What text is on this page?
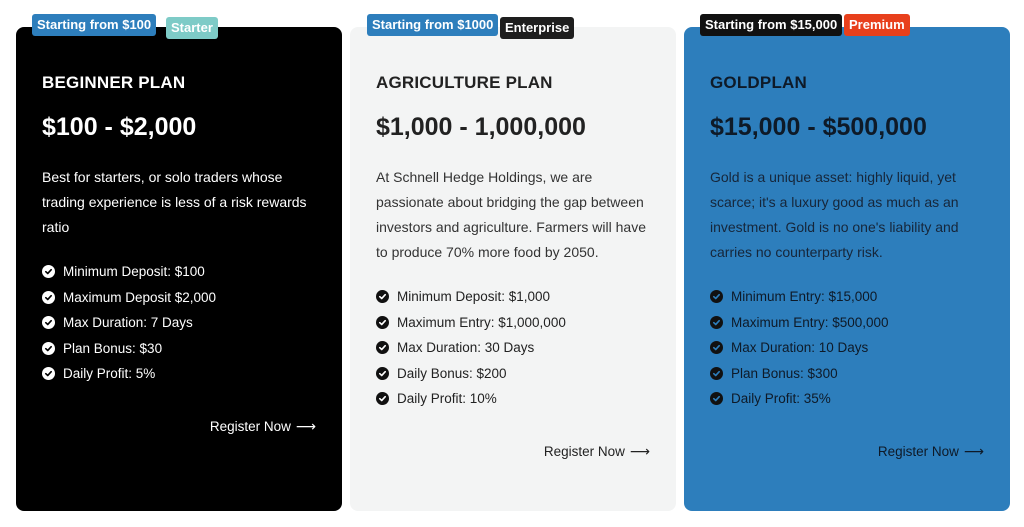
Starting from $100	Starter
BEGINNER PLAN
$100 - $2,000
Best for starters, or solo traders whose trading experience is less of a risk rewards ratio
Minimum Deposit: $100
Maximum Deposit $2,000
Max Duration: 7 Days
Plan Bonus: $30
Daily Profit: 5%
Register Now ⟶
Starting from $1000 Enterprise
AGRICULTURE PLAN
$1,000 - 1,000,000
At Schnell Hedge Holdings, we are passionate about bridging the gap between investors and agriculture. Farmers will have to produce 70% more food by 2050.
Minimum Deposit: $1,000
Maximum Entry: $1,000,000
Max Duration: 30 Days
Daily Bonus: $200
Daily Profit: 10%
Register Now ⟶
Starting from $15,000 Premium
GOLDPLAN
$15,000 - $500,000
Gold is a unique asset: highly liquid, yet scarce; it's a luxury good as much as an investment. Gold is no one's liability and carries no counterparty risk.
Minimum Entry: $15,000
Maximum Entry: $500,000
Max Duration: 10 Days
Plan Bonus: $300
Daily Profit: 35%
Register Now ⟶
